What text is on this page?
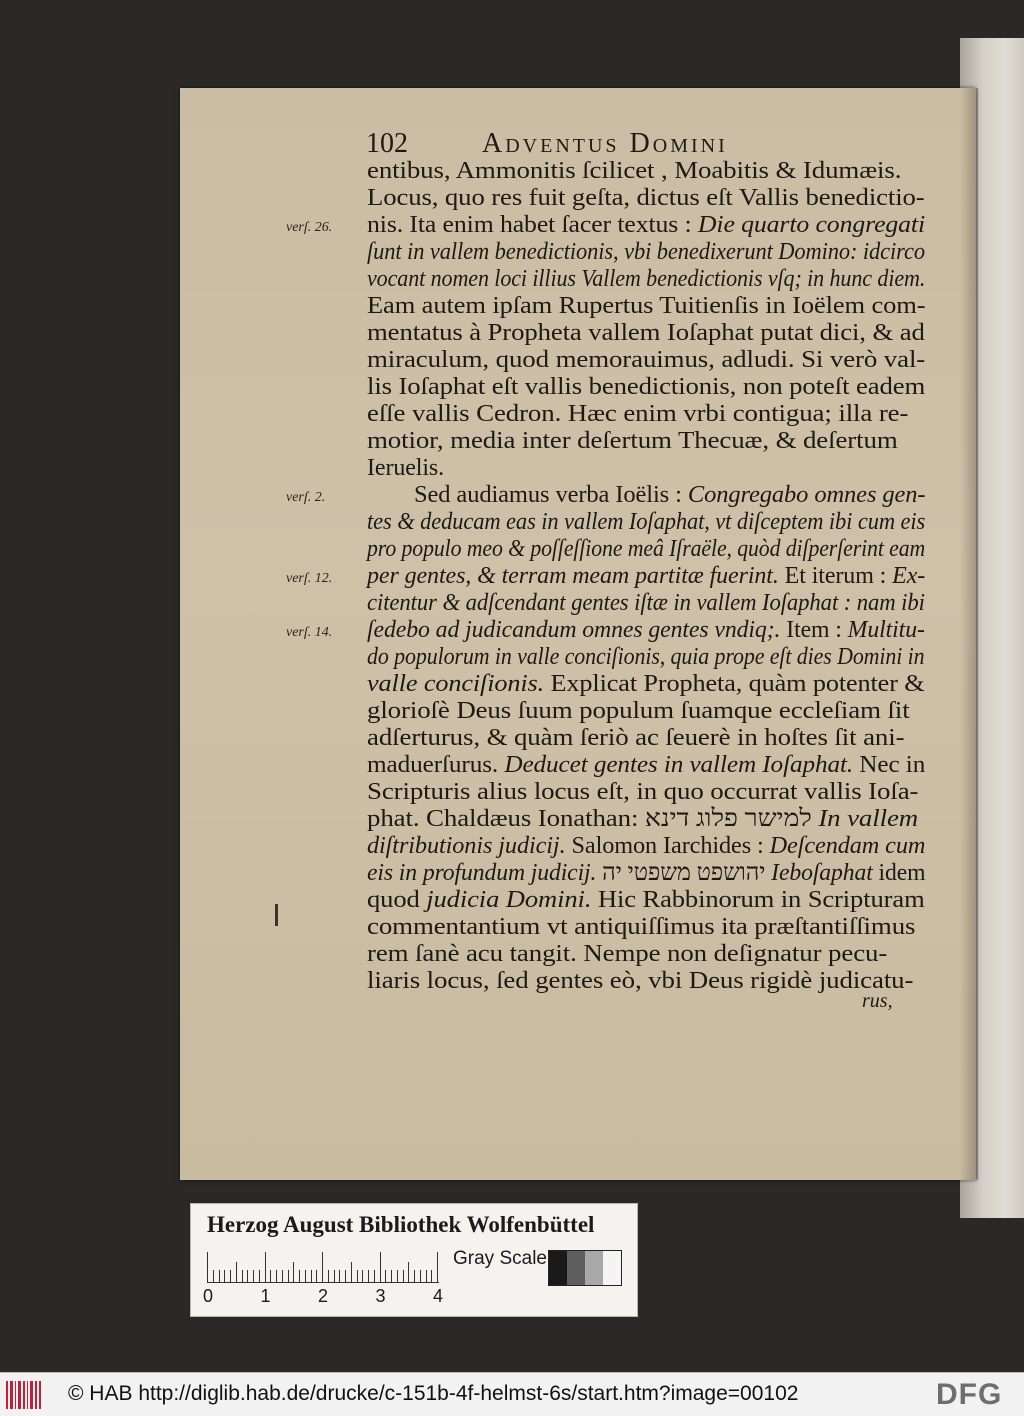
102	Adventus Domini
entibus, Ammonitis ſcilicet , Moabitis & Idumæis.
Locus, quo res fuit geſta, dictus eſt Vallis benedictio-
nis. Ita enim habet ſacer textus : Die quarto congregati
ſunt in vallem benedictionis, vbi benedixerunt Domino: idcirco
vocant nomen loci illius Vallem benedictionis vſq; in hunc diem.
Eam autem ipſam Rupertus Tuitienſis in Ioëlem com-
mentatus à Propheta vallem Ioſaphat putat dici, & ad
miraculum, quod memorauimus, adludi. Si verò val-
lis Ioſaphat eſt vallis benedictionis, non poteſt eadem
eſſe vallis Cedron. Hæc enim vrbi contigua; illa re-
motior, media inter deſertum Thecuæ, & deſertum
Ieruelis.
Sed audiamus verba Ioëlis : Congregabo omnes gen-
tes & deducam eas in vallem Ioſaphat, vt diſceptem ibi cum eis
pro populo meo & poſſeſſione meâ Iſraële, quòd diſperſerint eam
per gentes, & terram meam partitæ fuerint. Et iterum : Ex-
citentur & adſcendant gentes iſtæ in vallem Ioſaphat : nam ibi
ſedebo ad judicandum omnes gentes vndiq;. Item : Multitu-
do populorum in valle conciſionis, quia prope eſt dies Domini in
valle conciſionis. Explicat Propheta, quàm potenter &
glorioſè Deus ſuum populum ſuamque eccleſiam ſit
adſerturus, & quàm ſeriò ac ſeuerè in hoſtes ſit ani-
maduerſurus. Deducet gentes in vallem Ioſaphat. Nec in
Scripturis alius locus eſt, in quo occurrat vallis Ioſa-
phat. Chaldæus Ionathan: למישר פלוג דינא In vallem
diſtributionis judicij. Salomon Iarchides : Deſcendam cum
eis in profundum judicij. יהושפט משפטי יה Ieboſaphat idem
quod judicia Domini. Hic Rabbinorum in Scripturam
commentantium vt antiquiſſimus ita præſtantiſſimus
rem ſanè acu tangit. Nempe non deſignatur pecu-
liaris locus, ſed gentes eò, vbi Deus rigidè judicatu-
verſ. 26.
verſ. 2.
verſ. 12.
verſ. 14.
rus,
Herzog August Bibliothek Wolfenbüttel
0	1	2	3	4
Gray Scale
© HAB http://diglib.hab.de/drucke/c-151b-4f-helmst-6s/start.htm?image=00102	DFG
